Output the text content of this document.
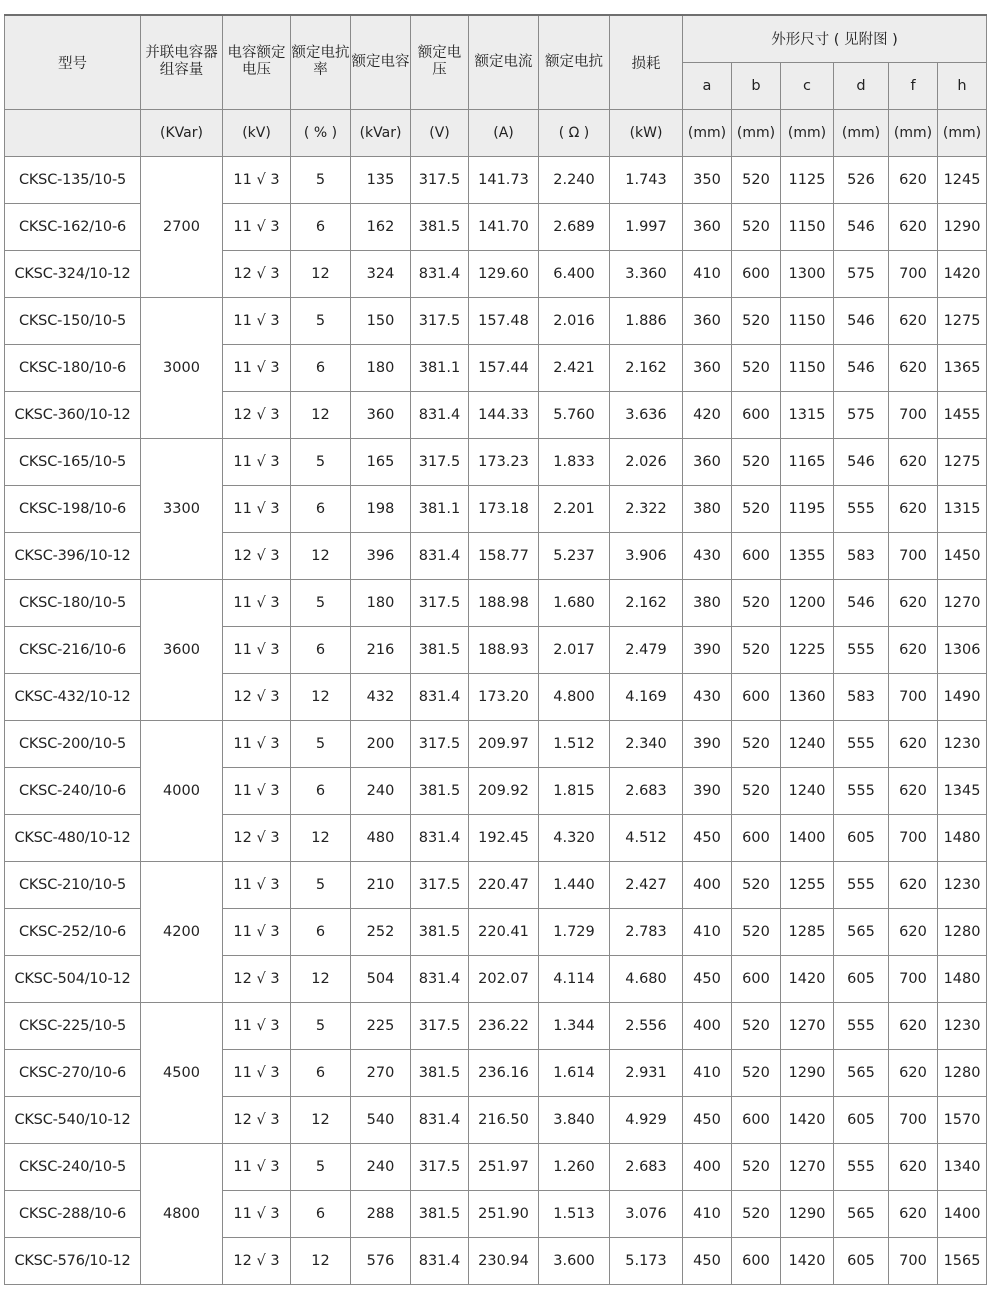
型号	并联电容器组容量	电容额定电压	额定电抗率	额定电容	额定电压	额定电流	额定电抗	损耗	外形尺寸 ( 见附图 )					
									a	b	c	d	f	h
	(KVar)	(kV)	( % )	(kVar)	(V)	(A)	( Ω )	(kW)	(mm)	(mm)	(mm)	(mm)	(mm)	(mm)
CKSC-135/10-5	2700	11 √ 3	5	135	317.5	141.73	2.240	1.743	350	520	1125	526	620	1245
CKSC-162/10-6		11 √ 3	6	162	381.5	141.70	2.689	1.997	360	520	1150	546	620	1290
CKSC-324/10-12		12 √ 3	12	324	831.4	129.60	6.400	3.360	410	600	1300	575	700	1420
CKSC-150/10-5	3000	11 √ 3	5	150	317.5	157.48	2.016	1.886	360	520	1150	546	620	1275
CKSC-180/10-6		11 √ 3	6	180	381.1	157.44	2.421	2.162	360	520	1150	546	620	1365
CKSC-360/10-12		12 √ 3	12	360	831.4	144.33	5.760	3.636	420	600	1315	575	700	1455
CKSC-165/10-5	3300	11 √ 3	5	165	317.5	173.23	1.833	2.026	360	520	1165	546	620	1275
CKSC-198/10-6		11 √ 3	6	198	381.1	173.18	2.201	2.322	380	520	1195	555	620	1315
CKSC-396/10-12		12 √ 3	12	396	831.4	158.77	5.237	3.906	430	600	1355	583	700	1450
CKSC-180/10-5	3600	11 √ 3	5	180	317.5	188.98	1.680	2.162	380	520	1200	546	620	1270
CKSC-216/10-6		11 √ 3	6	216	381.5	188.93	2.017	2.479	390	520	1225	555	620	1306
CKSC-432/10-12		12 √ 3	12	432	831.4	173.20	4.800	4.169	430	600	1360	583	700	1490
CKSC-200/10-5	4000	11 √ 3	5	200	317.5	209.97	1.512	2.340	390	520	1240	555	620	1230
CKSC-240/10-6		11 √ 3	6	240	381.5	209.92	1.815	2.683	390	520	1240	555	620	1345
CKSC-480/10-12		12 √ 3	12	480	831.4	192.45	4.320	4.512	450	600	1400	605	700	1480
CKSC-210/10-5	4200	11 √ 3	5	210	317.5	220.47	1.440	2.427	400	520	1255	555	620	1230
CKSC-252/10-6		11 √ 3	6	252	381.5	220.41	1.729	2.783	410	520	1285	565	620	1280
CKSC-504/10-12		12 √ 3	12	504	831.4	202.07	4.114	4.680	450	600	1420	605	700	1480
CKSC-225/10-5	4500	11 √ 3	5	225	317.5	236.22	1.344	2.556	400	520	1270	555	620	1230
CKSC-270/10-6		11 √ 3	6	270	381.5	236.16	1.614	2.931	410	520	1290	565	620	1280
CKSC-540/10-12		12 √ 3	12	540	831.4	216.50	3.840	4.929	450	600	1420	605	700	1570
CKSC-240/10-5	4800	11 √ 3	5	240	317.5	251.97	1.260	2.683	400	520	1270	555	620	1340
CKSC-288/10-6		11 √ 3	6	288	381.5	251.90	1.513	3.076	410	520	1290	565	620	1400
CKSC-576/10-12		12 √ 3	12	576	831.4	230.94	3.600	5.173	450	600	1420	605	700	1565
